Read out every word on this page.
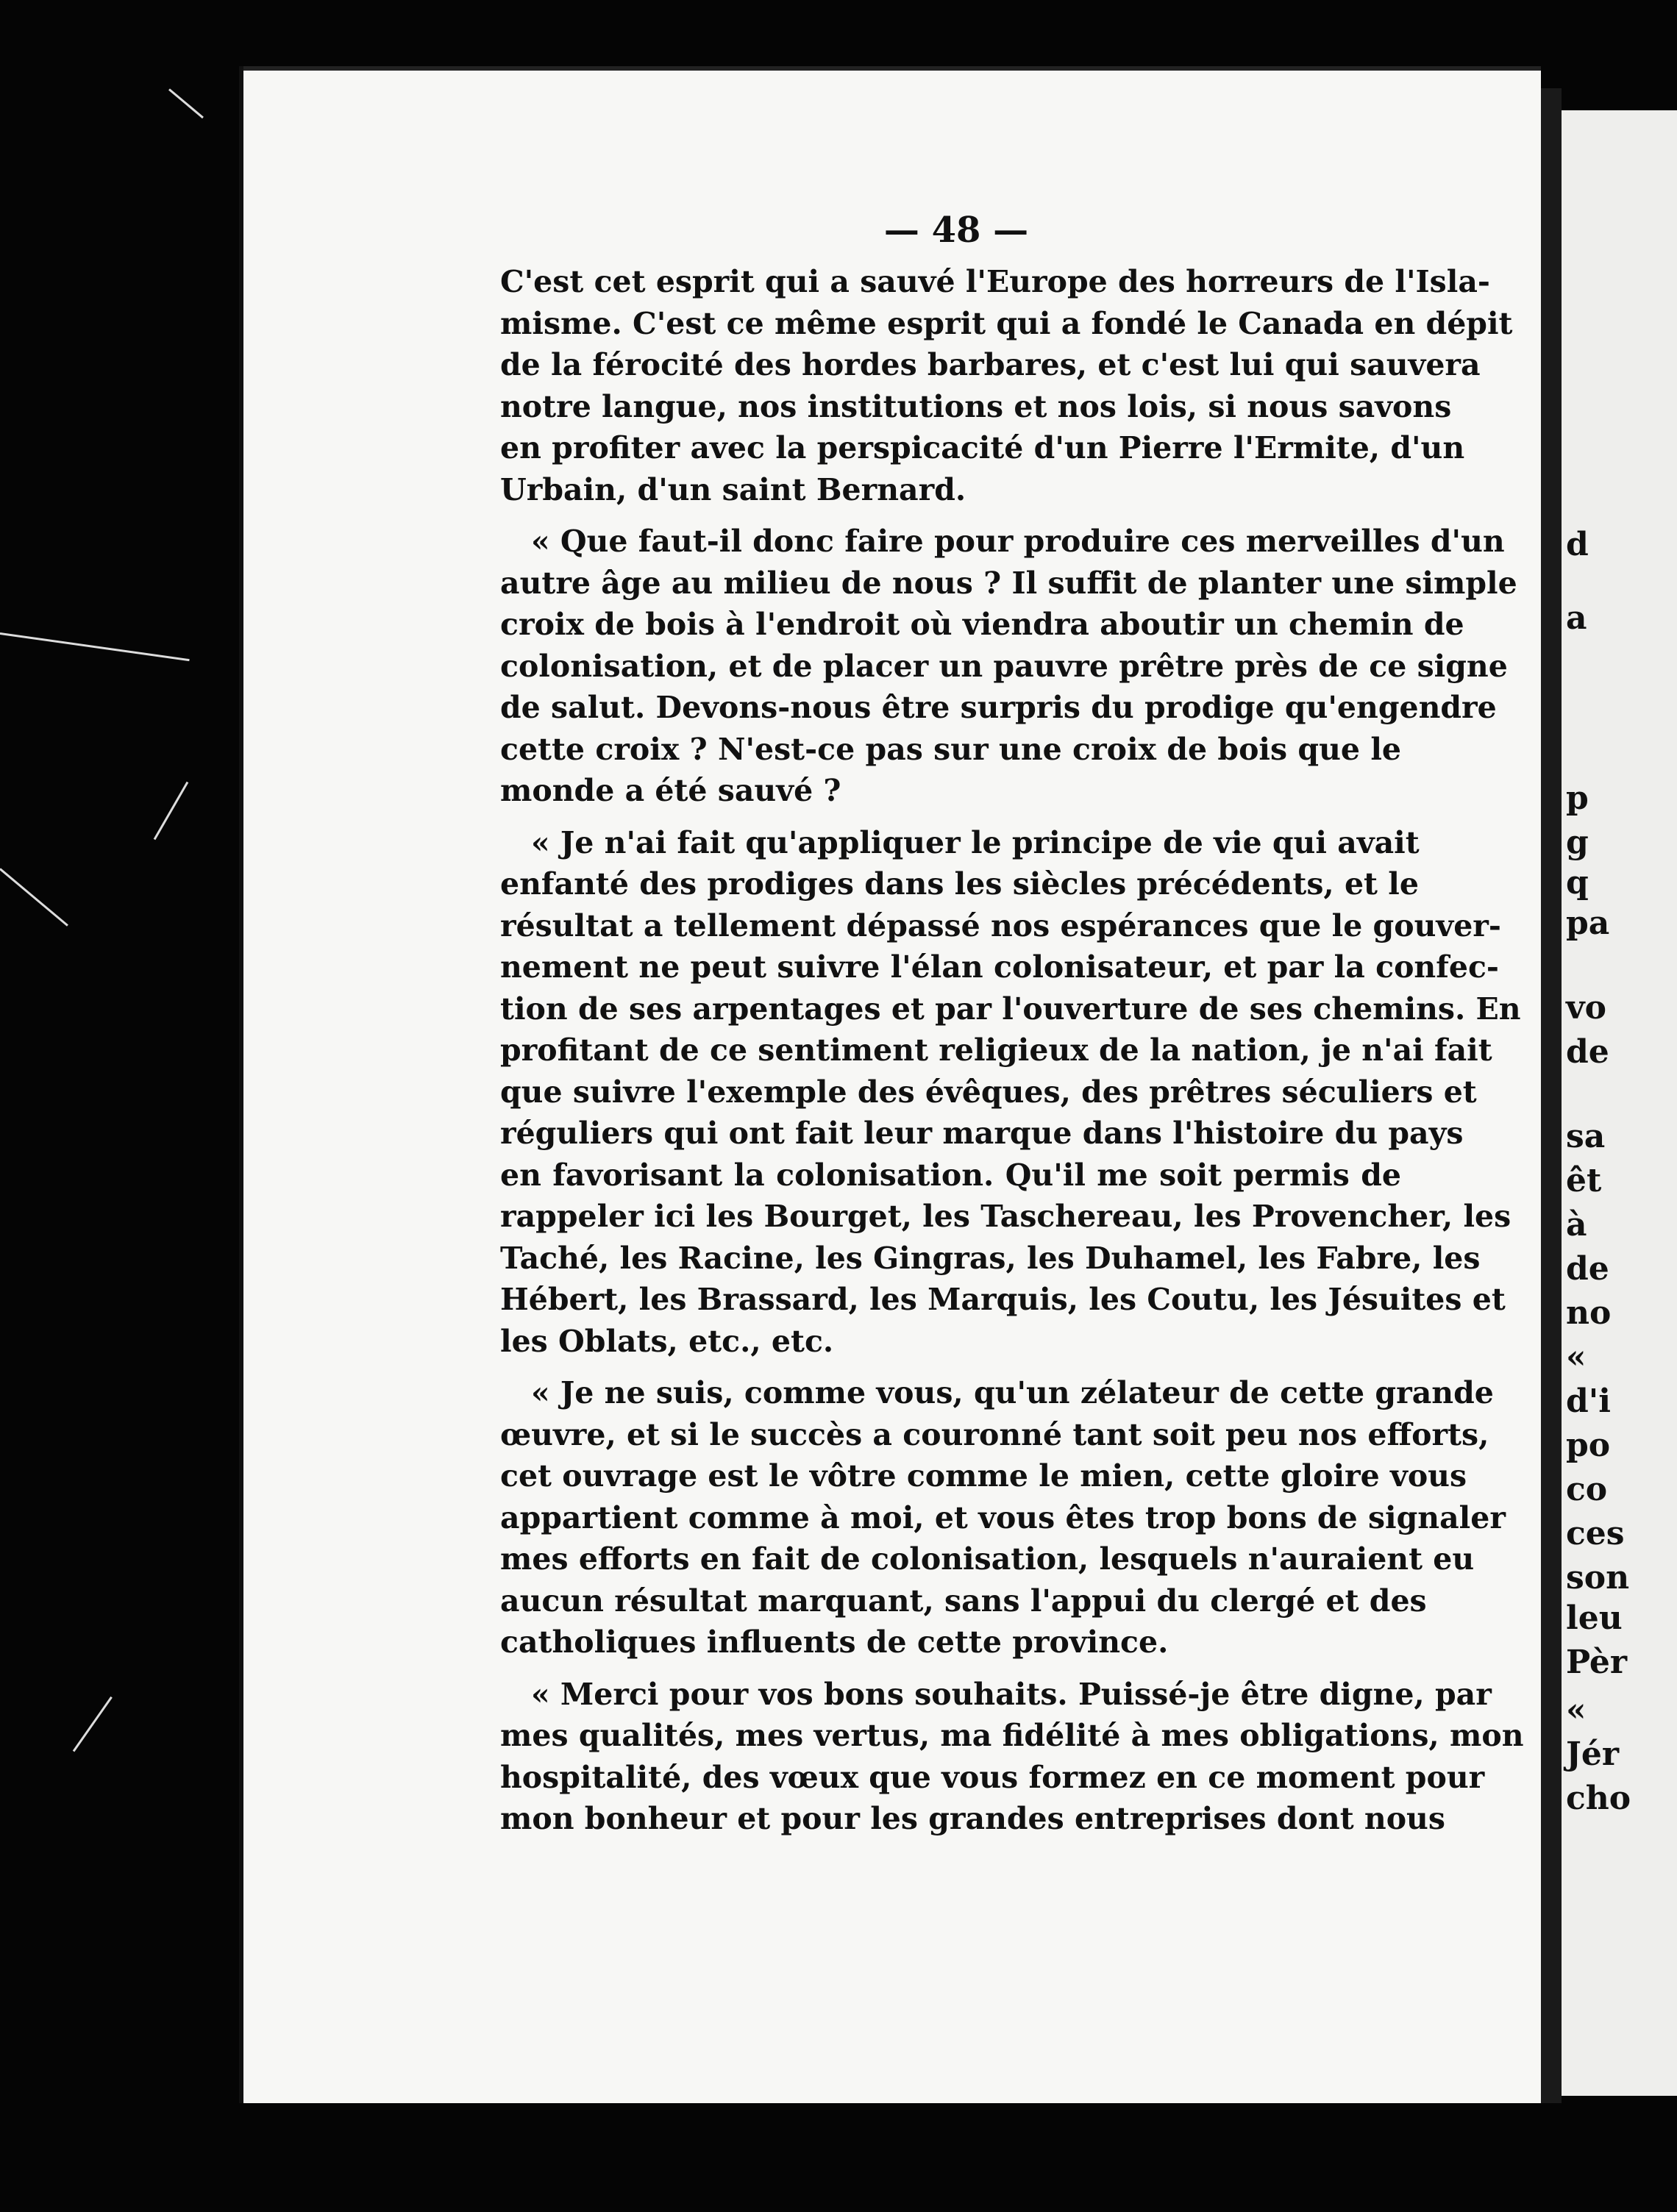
d
a
p
g
q
pa
vo
de
sa
êt
à
de
no
«
d'i
po
co
ces
son
leu
Pèr
«
Jér
cho
— 48 —
C'est cet esprit qui a sauvé l'Europe des horreurs de l'Isla-
misme. C'est ce même esprit qui a fondé le Canada en dépit
de la férocité des hordes barbares, et c'est lui qui sauvera
notre langue, nos institutions et nos lois, si nous savons
en profiter avec la perspicacité d'un Pierre l'Ermite, d'un
Urbain, d'un saint Bernard.
« Que faut-il donc faire pour produire ces merveilles d'un
autre âge au milieu de nous ? Il suffit de planter une simple
croix de bois à l'endroit où viendra aboutir un chemin de
colonisation, et de placer un pauvre prêtre près de ce signe
de salut. Devons-nous être surpris du prodige qu'engendre
cette croix ? N'est-ce pas sur une croix de bois que le
monde a été sauvé ?
« Je n'ai fait qu'appliquer le principe de vie qui avait
enfanté des prodiges dans les siècles précédents, et le
résultat a tellement dépassé nos espérances que le gouver-
nement ne peut suivre l'élan colonisateur, et par la confec-
tion de ses arpentages et par l'ouverture de ses chemins. En
profitant de ce sentiment religieux de la nation, je n'ai fait
que suivre l'exemple des évêques, des prêtres séculiers et
réguliers qui ont fait leur marque dans l'histoire du pays
en favorisant la colonisation. Qu'il me soit permis de
rappeler ici les Bourget, les Taschereau, les Provencher, les
Taché, les Racine, les Gingras, les Duhamel, les Fabre, les
Hébert, les Brassard, les Marquis, les Coutu, les Jésuites et
les Oblats, etc., etc.
« Je ne suis, comme vous, qu'un zélateur de cette grande
œuvre, et si le succès a couronné tant soit peu nos efforts,
cet ouvrage est le vôtre comme le mien, cette gloire vous
appartient comme à moi, et vous êtes trop bons de signaler
mes efforts en fait de colonisation, lesquels n'auraient eu
aucun résultat marquant, sans l'appui du clergé et des
catholiques influents de cette province.
« Merci pour vos bons souhaits. Puissé-je être digne, par
mes qualités, mes vertus, ma fidélité à mes obligations, mon
hospitalité, des vœux que vous formez en ce moment pour
mon bonheur et pour les grandes entreprises dont nous
